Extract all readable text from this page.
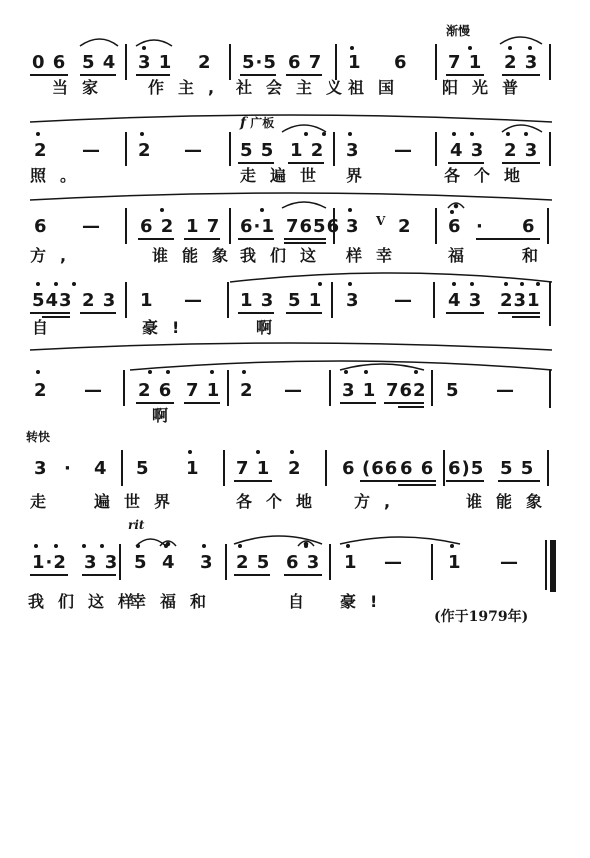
渐慢
0 6 5 4 3 1 2 5·5 6 7 1 6 7 1 2 3
当家 作主, 社会主义
祖国 阳光普
f 广板
2 — 2 — 5 5 1 2 3 — 4 3 2 3
照。	走遍世 界	各个地
6 — 6 2 1 7 6·1 7656 3 2 6 · 6
V
方,	谁能象
我们这 样幸	福	和
543 2 3 1 — 1 3 5 1 3 — 4 3 231
自	豪!	啊
2 — 2 6 7 1 2 — 3 1 762 5 —
啊
转快
3 · 4 5 1 7 1 2 6 (66 6 6 6)5 5 5
走 遍世界	各个地 方,	谁能象
rit
1·2 3 3 5 4 3 2 5 6 3 1 —	1 —
我们这样
幸福和	自 豪!
(作于1979年)
